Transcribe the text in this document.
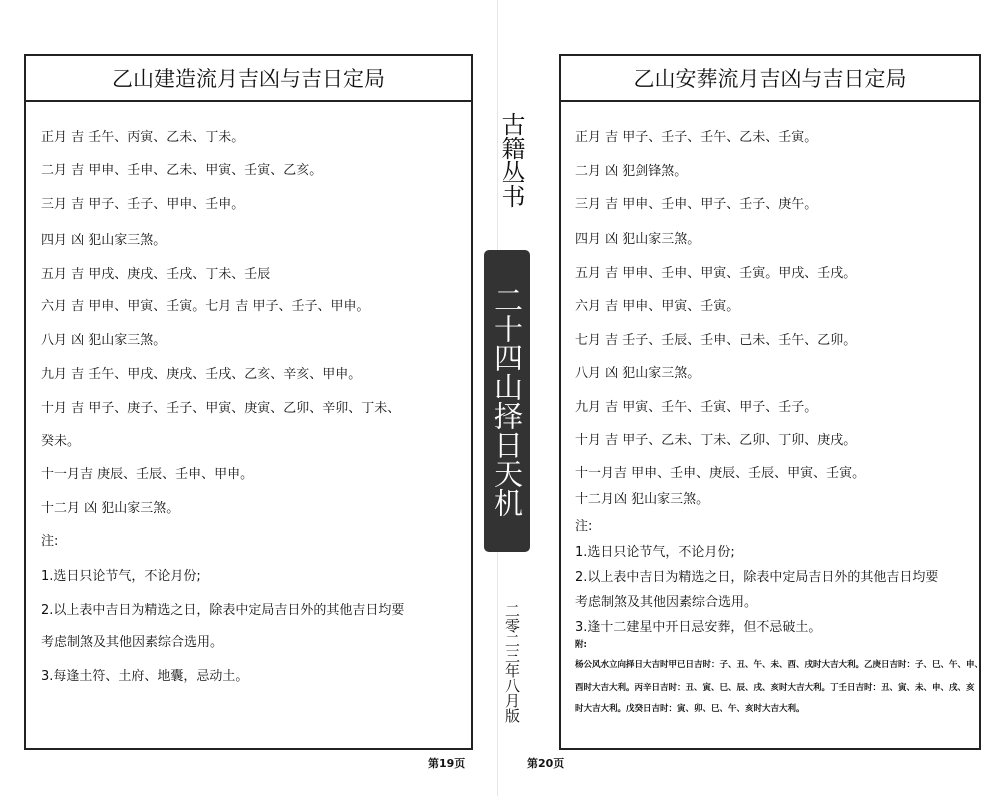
乙山建造流月吉凶与吉日定局
正月 吉 壬午、丙寅、乙未、丁未。
二月 吉 甲申、壬申、乙未、甲寅、壬寅、乙亥。
三月 吉 甲子、壬子、甲申、壬申。
四月 凶 犯山家三煞。
五月 吉 甲戌、庚戌、壬戌、丁未、壬辰
六月 吉 甲申、甲寅、壬寅。七月 吉 甲子、壬子、甲申。
八月 凶 犯山家三煞。
九月 吉 壬午、甲戌、庚戌、壬戌、乙亥、辛亥、甲申。
十月 吉 甲子、庚子、壬子、甲寅、庚寅、乙卯、辛卯、丁未、
癸未。
十一月吉 庚辰、壬辰、壬申、甲申。
十二月 凶 犯山家三煞。
注:
1.选日只论节气，不论月份;
2.以上表中吉日为精选之日，除表中定局吉日外的其他吉日均要
考虑制煞及其他因素综合选用。
3.每逢土符、土府、地囊，忌动土。
乙山安葬流月吉凶与吉日定局
正月 吉 甲子、壬子、壬午、乙未、壬寅。
二月 凶 犯剑锋煞。
三月 吉 甲申、壬申、甲子、壬子、庚午。
四月 凶 犯山家三煞。
五月 吉 甲申、壬申、甲寅、壬寅。甲戌、壬戌。
六月 吉 甲申、甲寅、壬寅。
七月 吉 壬子、壬辰、壬申、己未、壬午、乙卯。
八月 凶 犯山家三煞。
九月 吉 甲寅、壬午、壬寅、甲子、壬子。
十月 吉 甲子、乙未、丁未、乙卯、丁卯、庚戌。
十一月吉 甲申、壬申、庚辰、壬辰、甲寅、壬寅。
十二月凶 犯山家三煞。
注:
1.选日只论节气，不论月份;
2.以上表中吉日为精选之日，除表中定局吉日外的其他吉日均要
考虑制煞及其他因素综合选用。
3.逢十二建星中开日忌安葬，但不忌破土。
附:
杨公风水立向择日大吉时甲已日吉时：子、丑、午、未、酉、戌时大吉大利。乙庚日吉时：子、巳、午、申、
酉时大吉大利。丙辛日吉时：丑、寅、巳、辰、戌、亥时大吉大利。丁壬日吉时：丑、寅、未、申、戌、亥
时大吉大利。戊癸日吉时：寅、卯、巳、午、亥时大吉大利。
古籍丛书
二十四山择日天机
二零二三年八月版
第19页	第20页
